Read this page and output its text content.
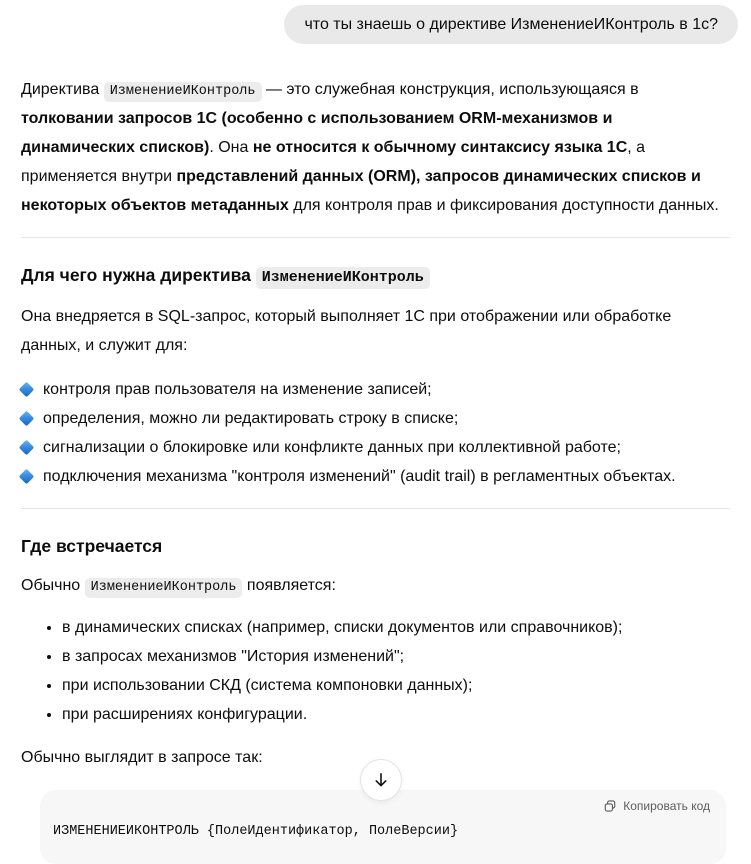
что ты знаешь о директиве ИзменениеИКонтроль в 1с?

Директива ИзменениеИКонтроль — это служебная конструкция, использующаяся в толковании запросов 1С (особенно с использованием ORM-механизмов и динамических списков). Она не относится к обычному синтаксису языка 1С, а применяется внутри представлений данных (ORM), запросов динамических списков и некоторых объектов метаданных для контроля прав и фиксирования доступности данных.

Для чего нужна директива ИзменениеИКонтроль

Она внедряется в SQL-запрос, который выполняет 1С при отображении или обработке данных, и служит для:

контроля прав пользователя на изменение записей;
определения, можно ли редактировать строку в списке;
сигнализации о блокировке или конфликте данных при коллективной работе;
подключения механизма "контроля изменений" (audit trail) в регламентных объектах.
Где встречается

Обычно ИзменениеИКонтроль появляется:

• в динамических списках (например, списки документов или справочников);
• в запросах механизмов "История изменений";
• при использовании СКД (система компоновки данных);
• при расширениях конфигурации.

Обычно выглядит в запросе так:

Копировать код
ИЗМЕНЕНИЕИКОНТРОЛЬ {ПолеИдентификатор, ПолеВерсии}
